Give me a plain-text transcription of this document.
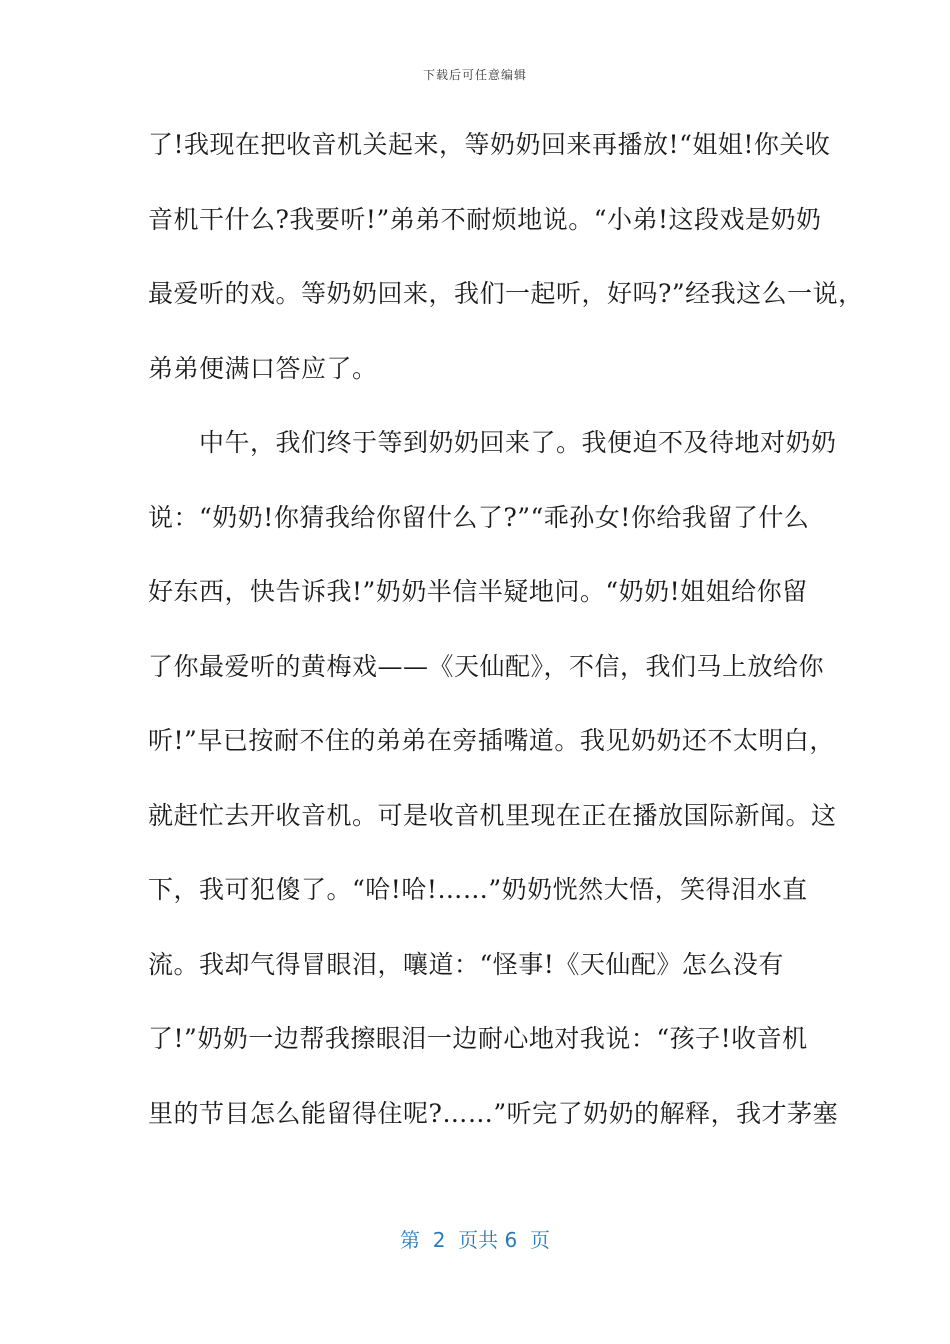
下载后可任意编辑
了!我现在把收音机关起来，等奶奶回来再播放!“姐姐!你关收
音机干什么?我要听!”弟弟不耐烦地说。“小弟!这段戏是奶奶
最爱听的戏。等奶奶回来，我们一起听，好吗?”经我这么一说，
弟弟便满口答应了。
　　中午，我们终于等到奶奶回来了。我便迫不及待地对奶奶
说：“奶奶!你猜我给你留什么了?”“乖孙女!你给我留了什么
好东西，快告诉我!”奶奶半信半疑地问。“奶奶!姐姐给你留
了你最爱听的黄梅戏——《天仙配》，不信，我们马上放给你
听!”早已按耐不住的弟弟在旁插嘴道。我见奶奶还不太明白，
就赶忙去开收音机。可是收音机里现在正在播放国际新闻。这
下，我可犯傻了。“哈!哈!……”奶奶恍然大悟，笑得泪水直
流。我却气得冒眼泪，嚷道：“怪事!《天仙配》怎么没有
了!”奶奶一边帮我擦眼泪一边耐心地对我说：“孩子!收音机
里的节目怎么能留得住呢?……”听完了奶奶的解释，我才茅塞
第  2  页共 6  页
